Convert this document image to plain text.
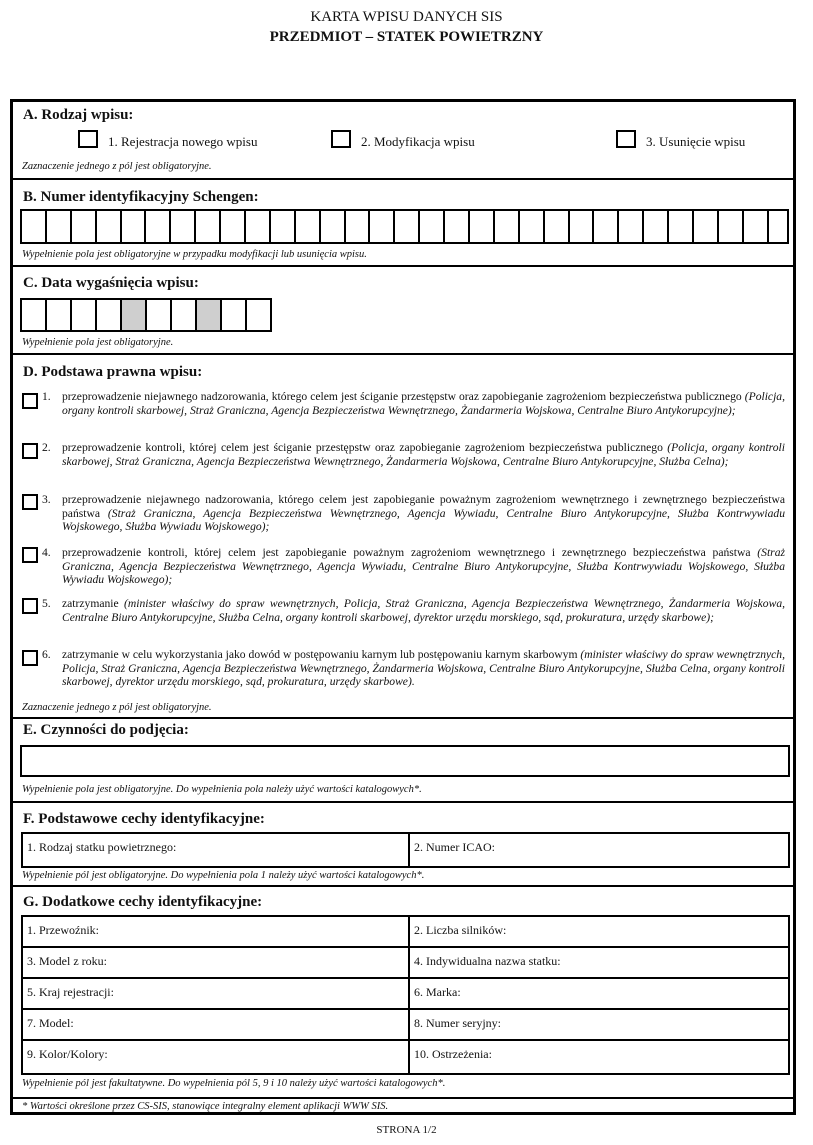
KARTA WPISU DANYCH SIS
PRZEDMIOT – STATEK POWIETRZNY
A. Rodzaj wpisu:
1. Rejestracja nowego wpisu	2. Modyfikacja wpisu	3. Usunięcie wpisu
Zaznaczenie jednego z pól jest obligatoryjne.
B. Numer identyfikacyjny Schengen:
Wypełnienie pola jest obligatoryjne w przypadku modyfikacji lub usunięcia wpisu.
C. Data wygaśnięcia wpisu:
Wypełnienie pola jest obligatoryjne.
D. Podstawa prawna wpisu:
1. przeprowadzenie niejawnego nadzorowania, którego celem jest ściganie przestępstw oraz zapobieganie zagrożeniom bezpieczeństwa publicznego (Policja, organy kontroli skarbowej, Straż Graniczna, Agencja Bezpieczeństwa Wewnętrznego, Żandarmeria Wojskowa, Centralne Biuro Antykorupcyjne);
2. przeprowadzenie kontroli, której celem jest ściganie przestępstw oraz zapobieganie zagrożeniom bezpieczeństwa publicznego (Policja, organy kontroli skarbowej, Straż Graniczna, Agencja Bezpieczeństwa Wewnętrznego, Żandarmeria Wojskowa, Centralne Biuro Antykorupcyjne, Służba Celna);
3. przeprowadzenie niejawnego nadzorowania, którego celem jest zapobieganie poważnym zagrożeniom wewnętrznego i zewnętrznego bezpieczeństwa państwa (Straż Graniczna, Agencja Bezpieczeństwa Wewnętrznego, Agencja Wywiadu, Centralne Biuro Antykorupcyjne, Służba Kontrwywiadu Wojskowego, Służba Wywiadu Wojskowego);
4. przeprowadzenie kontroli, której celem jest zapobieganie poważnym zagrożeniom wewnętrznego i zewnętrznego bezpieczeństwa państwa (Straż Graniczna, Agencja Bezpieczeństwa Wewnętrznego, Agencja Wywiadu, Centralne Biuro Antykorupcyjne, Służba Kontrwywiadu Wojskowego, Służba Wywiadu Wojskowego);
5. zatrzymanie (minister właściwy do spraw wewnętrznych, Policja, Straż Graniczna, Agencja Bezpieczeństwa Wewnętrznego, Żandarmeria Wojskowa, Centralne Biuro Antykorupcyjne, Służba Celna, organy kontroli skarbowej, dyrektor urzędu morskiego, sąd, prokuratura, urzędy skarbowe);
6. zatrzymanie w celu wykorzystania jako dowód w postępowaniu karnym lub postępowaniu karnym skarbowym (minister właściwy do spraw wewnętrznych, Policja, Straż Graniczna, Agencja Bezpieczeństwa Wewnętrznego, Żandarmeria Wojskowa, Centralne Biuro Antykorupcyjne, Służba Celna, organy kontroli skarbowej, dyrektor urzędu morskiego, sąd, prokuratura, urzędy skarbowe).
Zaznaczenie jednego z pól jest obligatoryjne.
E. Czynności do podjęcia:
Wypełnienie pola jest obligatoryjne. Do wypełnienia pola należy użyć wartości katalogowych*.
F. Podstawowe cechy identyfikacyjne:
1. Rodzaj statku powietrznego:	2. Numer ICAO:
Wypełnienie pól jest obligatoryjne. Do wypełnienia pola 1 należy użyć wartości katalogowych*.
G. Dodatkowe cechy identyfikacyjne:
1. Przewoźnik:	2. Liczba silników:
3. Model z roku:	4. Indywidualna nazwa statku:
5. Kraj rejestracji:	6. Marka:
7. Model:	8. Numer seryjny:
9. Kolor/Kolory:	10. Ostrzeżenia:
Wypełnienie pól jest fakultatywne. Do wypełnienia pól 5, 9 i 10 należy użyć wartości katalogowych*.
* Wartości określone przez CS-SIS, stanowiące integralny element aplikacji WWW SIS.
STRONA 1/2
